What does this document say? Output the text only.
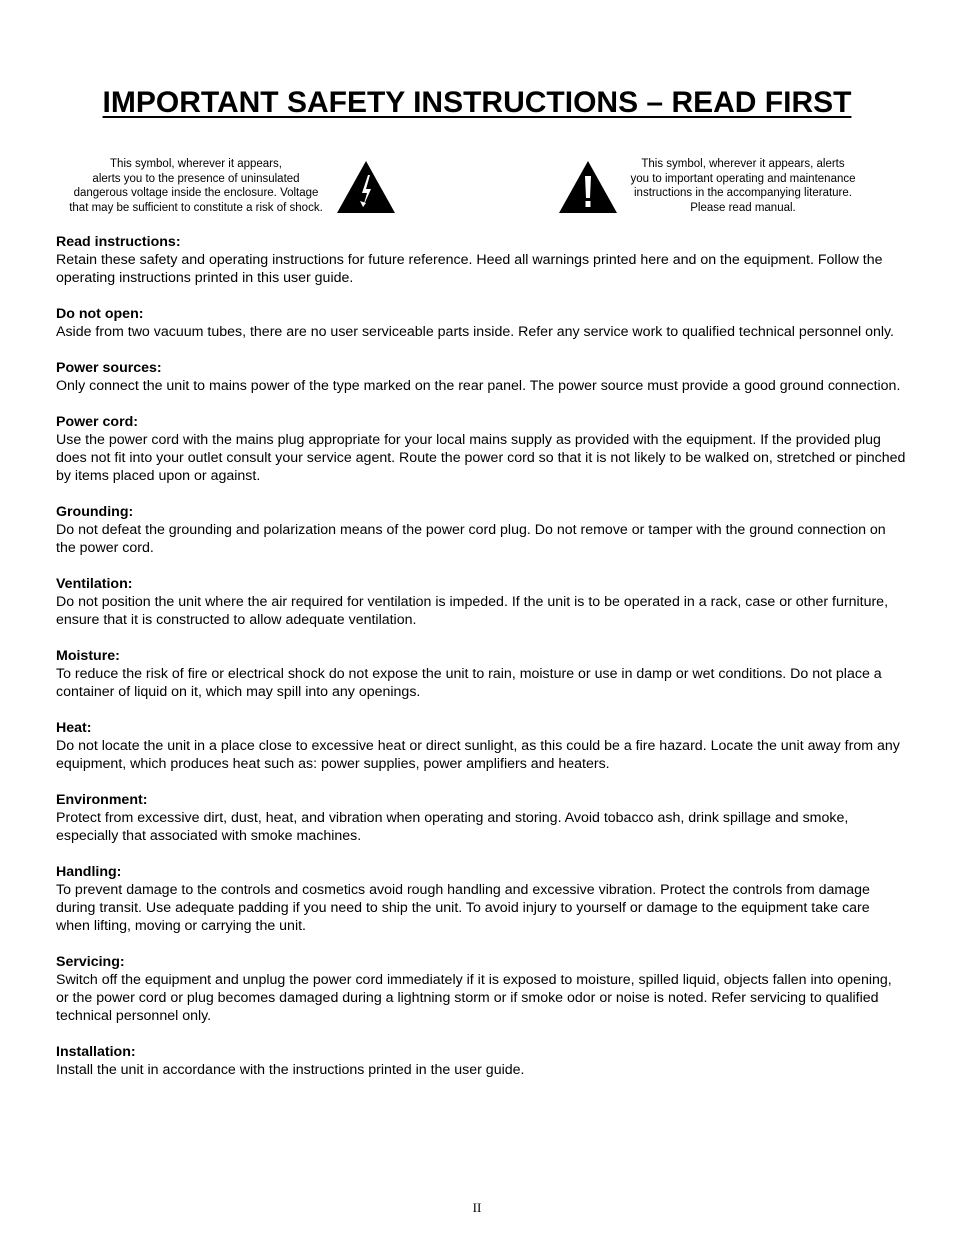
IMPORTANT SAFETY INSTRUCTIONS – READ FIRST
This symbol, wherever it appears,
alerts you to the presence of uninsulated
dangerous voltage inside the enclosure. Voltage
that may be sufficient to constitute a risk of shock.
This symbol, wherever it appears, alerts
you to important operating and maintenance
instructions in the accompanying literature.
Please read manual.
Read instructions:
Retain these safety and operating instructions for future reference. Heed all warnings printed here and on the equipment. Follow the operating instructions printed in this user guide.
Do not open:
Aside from two vacuum tubes, there are no user serviceable parts inside. Refer any service work to qualified technical personnel only.
Power sources:
Only connect the unit to mains power of the type marked on the rear panel. The power source must provide a good ground connection.
Power cord:
Use the power cord with the mains plug appropriate for your local mains supply as provided with the equipment. If the provided plug does not fit into your outlet consult your service agent. Route the power cord so that it is not likely to be walked on, stretched or pinched by items placed upon or against.
Grounding:
Do not defeat the grounding and polarization means of the power cord plug. Do not remove or tamper with the ground connection on the power cord.
Ventilation:
Do not position the unit where the air required for ventilation is impeded. If the unit is to be operated in a rack, case or other furniture, ensure that it is constructed to allow adequate ventilation.
Moisture:
To reduce the risk of fire or electrical shock do not expose the unit to rain, moisture or use in damp or wet conditions. Do not place a container of liquid on it, which may spill into any openings.
Heat:
Do not locate the unit in a place close to excessive heat or direct sunlight, as this could be a fire hazard. Locate the unit away from any equipment, which produces heat such as: power supplies, power amplifiers and heaters.
Environment:
Protect from excessive dirt, dust, heat, and vibration when operating and storing. Avoid tobacco ash, drink spillage and smoke, especially that associated with smoke machines.
Handling:
To prevent damage to the controls and cosmetics avoid rough handling and excessive vibration. Protect the controls from damage during transit. Use adequate padding if you need to ship the unit. To avoid injury to yourself or damage to the equipment take care when lifting, moving or carrying the unit.
Servicing:
Switch off the equipment and unplug the power cord immediately if it is exposed to moisture, spilled liquid, objects fallen into opening, or the power cord or plug becomes damaged during a lightning storm or if smoke odor or noise is noted. Refer servicing to qualified technical personnel only.
Installation:
Install the unit in accordance with the instructions printed in the user guide.
II
